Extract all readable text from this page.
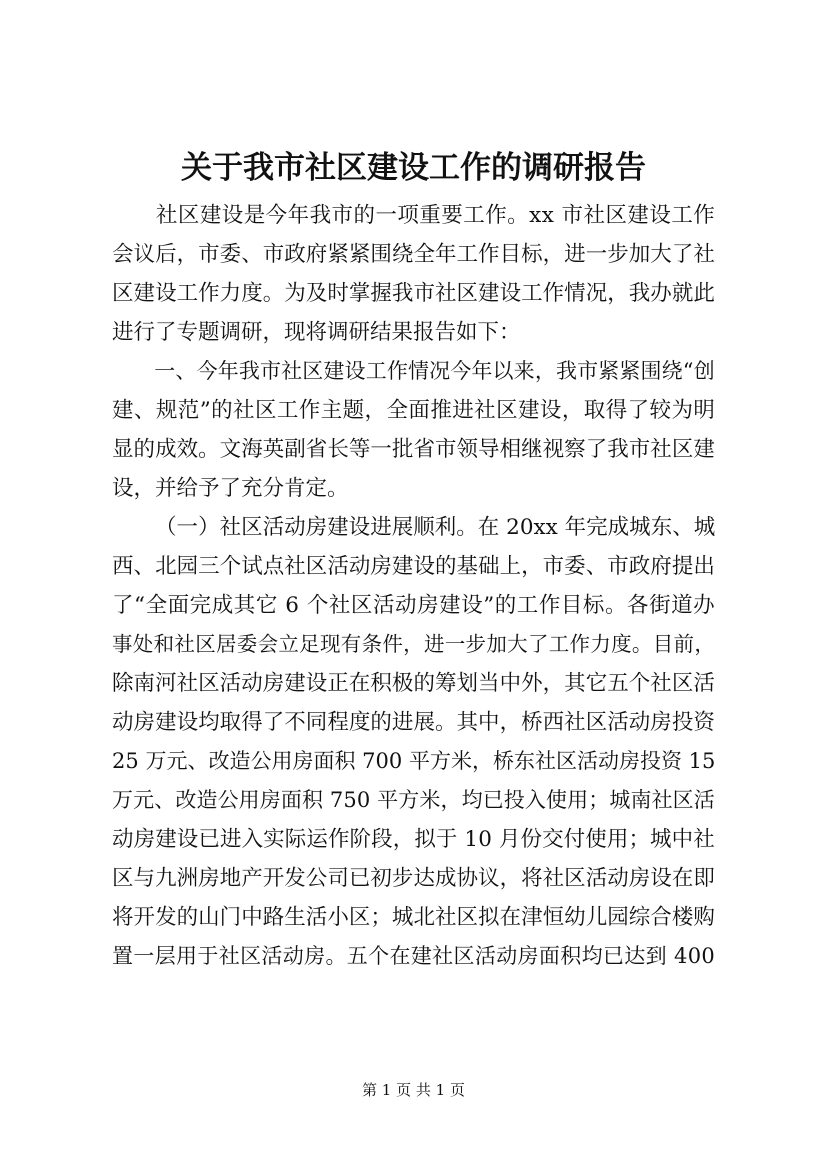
关于我市社区建设工作的调研报告

社 区 建 设 是 今 年 我 市 的 一 项 重 要 工 作 。 x x
市 社 区 建 设 工 作
会 议 后 ， 市 委 、 市 政 府 紧 紧 围 绕 全 年 工 作 目 标 ， 进 一 步 加 大 了 社
区 建 设 工 作 力 度 。 为 及 时 掌 握 我 市 社 区 建 设 工 作 情 况 ， 我 办 就 此
进行了专题调研，现将调研结果报告如下：

一 、 今 年 我 市 社 区 建 设 工 作 情 况 今 年 以 来 ， 我 市 紧 紧 围 绕 “ 创
建 、 规 范 ” 的 社 区 工 作 主 题 ， 全 面 推 进 社 区 建 设 ， 取 得 了 较 为 明
显 的 成 效 。 文 海 英 副 省 长 等 一 批 省 市 领 导 相 继 视 察 了 我 市 社 区 建
设，并给予了充分肯定。

（ 一 ） 社 区 活 动 房 建 设 进 展 顺 利 。 在
2 0 x x
年 完 成 城 东 、 城
西 、 北 园 三 个 试 点 社 区 活 动 房 建 设 的 基 础 上 ， 市 委 、 市 政 府 提 出
了 “ 全 面 完 成 其 它
6
个 社 区 活 动 房 建 设 ” 的 工 作 目 标 。 各 街 道 办
事 处 和 社 区 居 委 会 立 足 现 有 条 件 ， 进 一 步 加 大 了 工 作 力 度 。 目 前 ，
除 南 河 社 区 活 动 房 建 设 正 在 积 极 的 筹 划 当 中 外 ， 其 它 五 个 社 区 活
动 房 建 设 均 取 得 了 不 同 程 度 的 进 展 。 其 中 ， 桥 西 社 区 活 动 房 投 资
2 5
万 元 、 改 造 公 用 房 面 积
7 0 0
平 方 米 ， 桥 东 社 区 活 动 房 投 资
1 5
万 元 、 改 造 公 用 房 面 积
7 5 0
平 方 米 ， 均 已 投 入 使 用 ； 城 南 社 区 活
动 房 建 设 已 进 入 实 际 运 作 阶 段 ， 拟 于
1 0
月 份 交 付 使 用 ； 城 中 社
区 与 九 洲 房 地 产 开 发 公 司 已 初 步 达 成 协 议 ， 将 社 区 活 动 房 设 在 即
将 开 发 的 山 门 中 路 生 活 小 区 ； 城 北 社 区 拟 在 津 恒 幼 儿 园 综 合 楼 购
置 一 层 用 于 社 区 活 动 房 。 五 个 在 建 社 区 活 动 房 面 积 均 已 达 到
4 0 0
第 1 页 共 1 页
